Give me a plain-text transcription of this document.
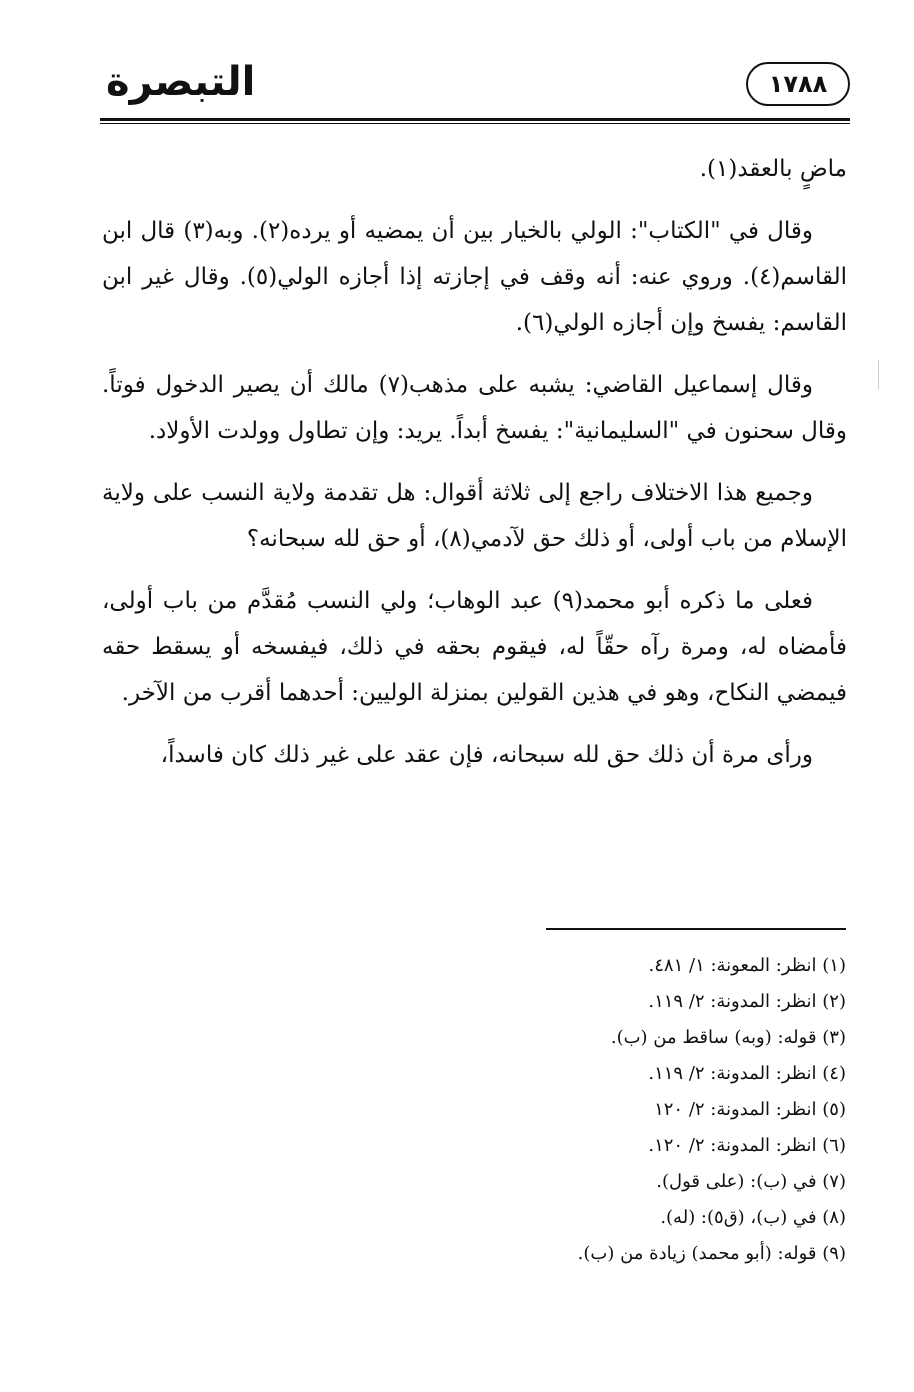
التبصرة	١٧٨٨

ماضٍ بالعقد(١).

وقال في "الكتاب": الولي بالخيار بين أن يمضيه أو يرده(٢). وبه(٣) قال ابن القاسم(٤). وروي عنه: أنه وقف في إجازته إذا أجازه الولي(٥). وقال غير ابن القاسم: يفسخ وإن أجازه الولي(٦).

وقال إسماعيل القاضي: يشبه على مذهب(٧) مالك أن يصير الدخول فوتاً. وقال سحنون في "السليمانية": يفسخ أبداً. يريد: وإن تطاول وولدت الأولاد.

وجميع هذا الاختلاف راجع إلى ثلاثة أقوال: هل تقدمة ولاية النسب على ولاية الإسلام من باب أولى، أو ذلك حق لآدمي(٨)، أو حق لله سبحانه؟

فعلى ما ذكره أبو محمد(٩) عبد الوهاب؛ ولي النسب مُقدَّم من باب أولى، فأمضاه له، ومرة رآه حقّاً له، فيقوم بحقه في ذلك، فيفسخه أو يسقط حقه فيمضي النكاح، وهو في هذين القولين بمنزلة الوليين: أحدهما أقرب من الآخر.

ورأى مرة أن ذلك حق لله سبحانه، فإن عقد على غير ذلك كان فاسداً،

(١) انظر: المعونة: ١/ ٤٨١.
(٢) انظر: المدونة: ٢/ ١١٩.
(٣) قوله: (وبه) ساقط من (ب).
(٤) انظر: المدونة: ٢/ ١١٩.
(٥) انظر: المدونة: ٢/ ١٢٠
(٦) انظر: المدونة: ٢/ ١٢٠.
(٧) في (ب): (على قول).
(٨) في (ب)، (ق٥): (له).
(٩) قوله: (أبو محمد) زيادة من (ب).
